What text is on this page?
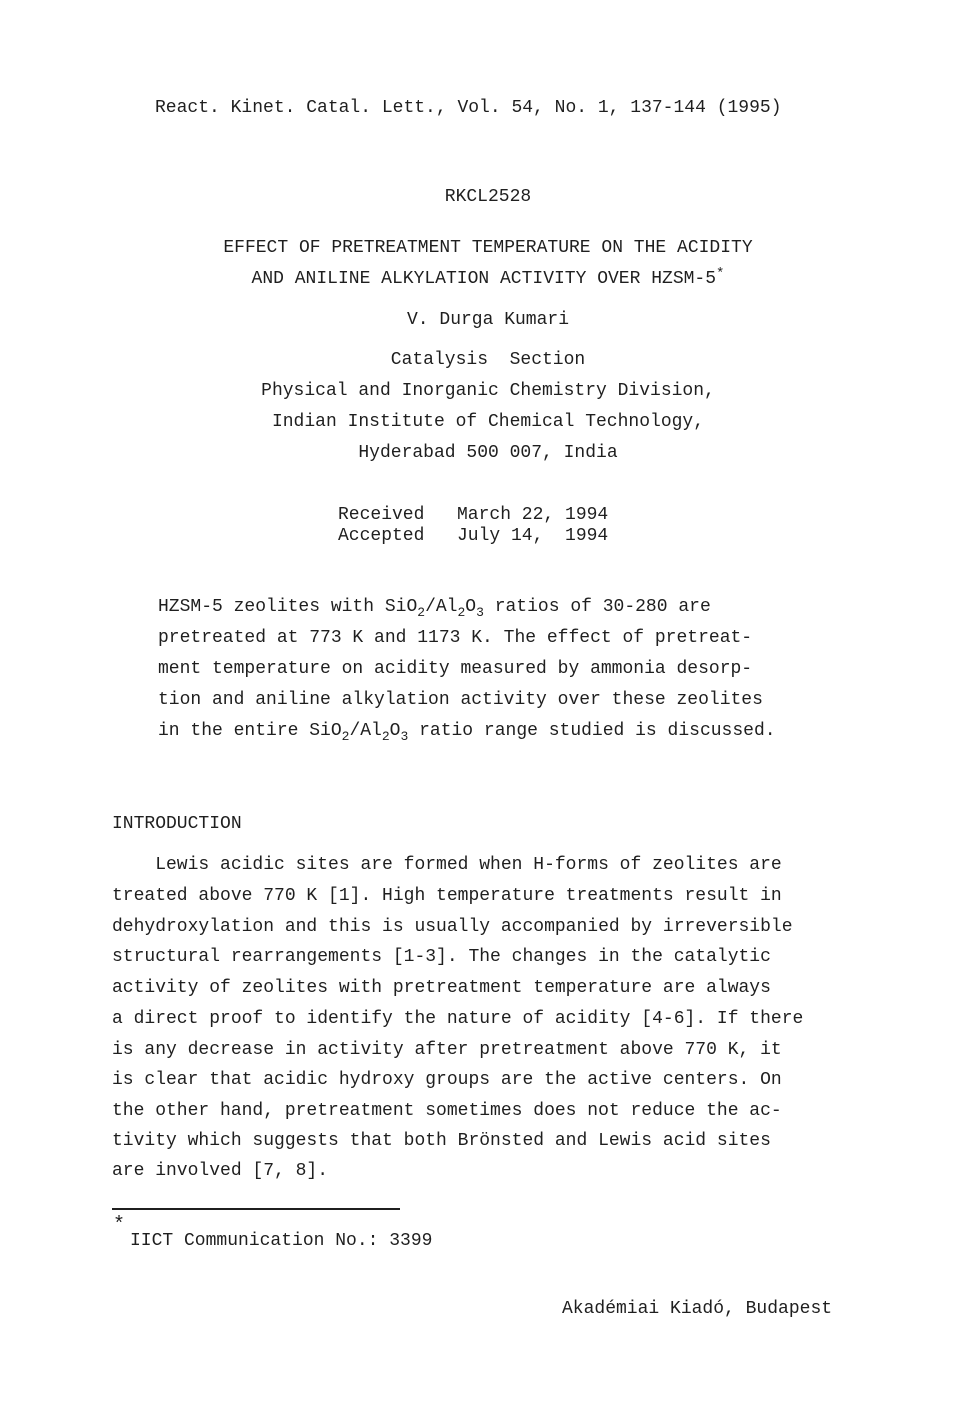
React. Kinet. Catal. Lett., Vol. 54, No. 1, 137-144 (1995)
RKCL2528
EFFECT OF PRETREATMENT TEMPERATURE ON THE ACIDITY
AND ANILINE ALKYLATION ACTIVITY OVER HZSM-5*
V. Durga Kumari
Catalysis  Section
Physical and Inorganic Chemistry Division,
Indian Institute of Chemical Technology,
Hyderabad 500 007, India
Received March 22, 1994
Accepted July 14,  1994
HZSM-5 zeolites with $SiO_2/Al_2O_3$ ratios of 30-280 are
pretreated at 773 K and 1173 K. The effect of pretreat-
ment temperature on acidity measured by ammonia desorp-
tion and aniline alkylation activity over these zeolites
in the entire $SiO_2/Al_2O_3$ ratio range studied is discussed.
INTRODUCTION
Lewis acidic sites are formed when H-forms of zeolites are
treated above 770 K [1]. High temperature treatments result in
dehydroxylation and this is usually accompanied by irreversible
structural rearrangements [1-3]. The changes in the catalytic
activity of zeolites with pretreatment temperature are always
a direct proof to identify the nature of acidity [4-6]. If there
is any decrease in activity after pretreatment above 770 K, it
is clear that acidic hydroxy groups are the active centers. On
the other hand, pretreatment sometimes does not reduce the ac-
tivity which suggests that both Brönsted and Lewis acid sites
are involved [7, 8].
*
IICT Communication No.: 3399
Akadémiai Kiadó, Budapest
